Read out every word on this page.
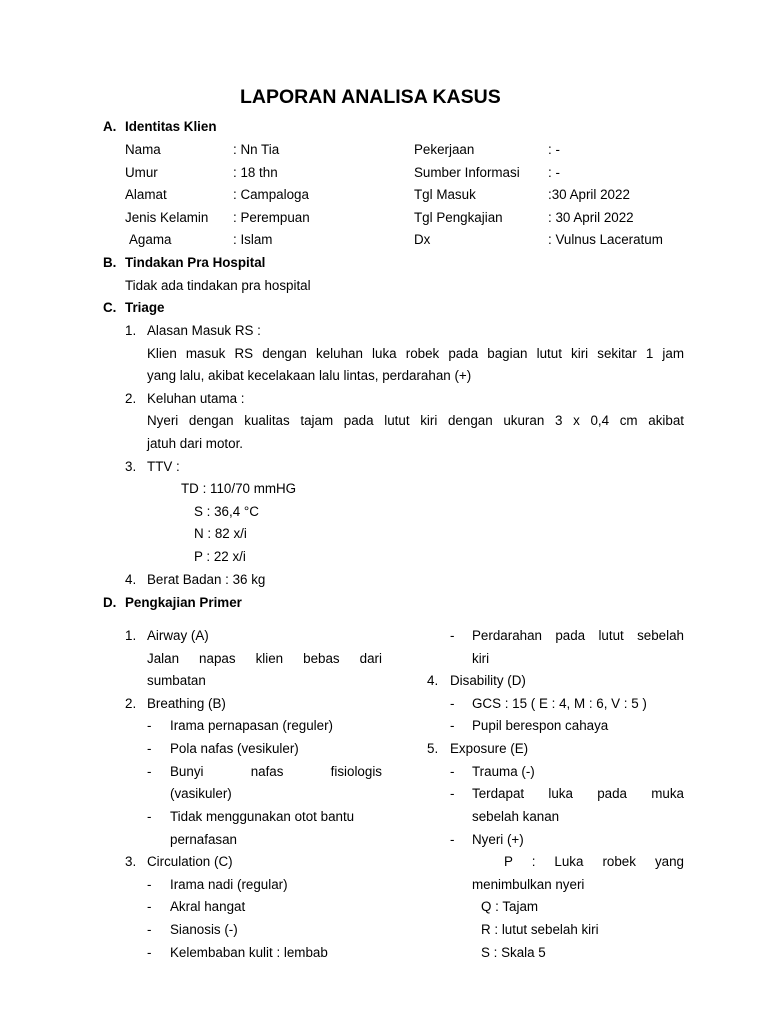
LAPORAN ANALISA KASUS
A. Identitas Klien
Nama	: Nn Tia	Pekerjaan	: -
Umur	: 18 thn	Sumber Informasi : -
Alamat	: Campaloga	Tgl Masuk	:30 April 2022
Jenis Kelamin : Perempuan	Tgl Pengkajian	: 30 April 2022
Agama	: Islam	Dx	: Vulnus Laceratum
B. Tindakan Pra Hospital
Tidak ada tindakan pra hospital
C. Triage
1. Alasan Masuk RS :
Klien masuk RS dengan keluhan luka robek pada bagian lutut kiri sekitar 1 jam
yang lalu, akibat kecelakaan lalu lintas, perdarahan (+)
2. Keluhan utama :
Nyeri dengan kualitas tajam pada lutut kiri dengan ukuran 3 x 0,4 cm akibat
jatuh dari motor.
3. TTV :
TD : 110/70 mmHG
S : 36,4 °C
N : 82 x/i
P : 22 x/i
4. Berat Badan : 36 kg
D. Pengkajian Primer
1. Airway (A)
Jalan napas klien bebas dari
sumbatan
2. Breathing (B)
- Irama pernapasan (reguler)
- Pola nafas (vesikuler)
- Bunyi nafas fisiologis
(vasikuler)
- Tidak menggunakan otot bantu
pernafasan
3. Circulation (C)
- Irama nadi (regular)
- Akral hangat
- Sianosis (-)
- Kelembaban kulit : lembab
- Perdarahan pada lutut sebelah
kiri
4. Disability (D)
- GCS : 15 ( E : 4, M : 6, V : 5 )
- Pupil berespon cahaya
5. Exposure (E)
- Trauma (-)
- Terdapat luka pada muka
sebelah kanan
- Nyeri (+)
P : Luka robek yang
menimbulkan nyeri
Q : Tajam
R : lutut sebelah kiri
S : Skala 5
